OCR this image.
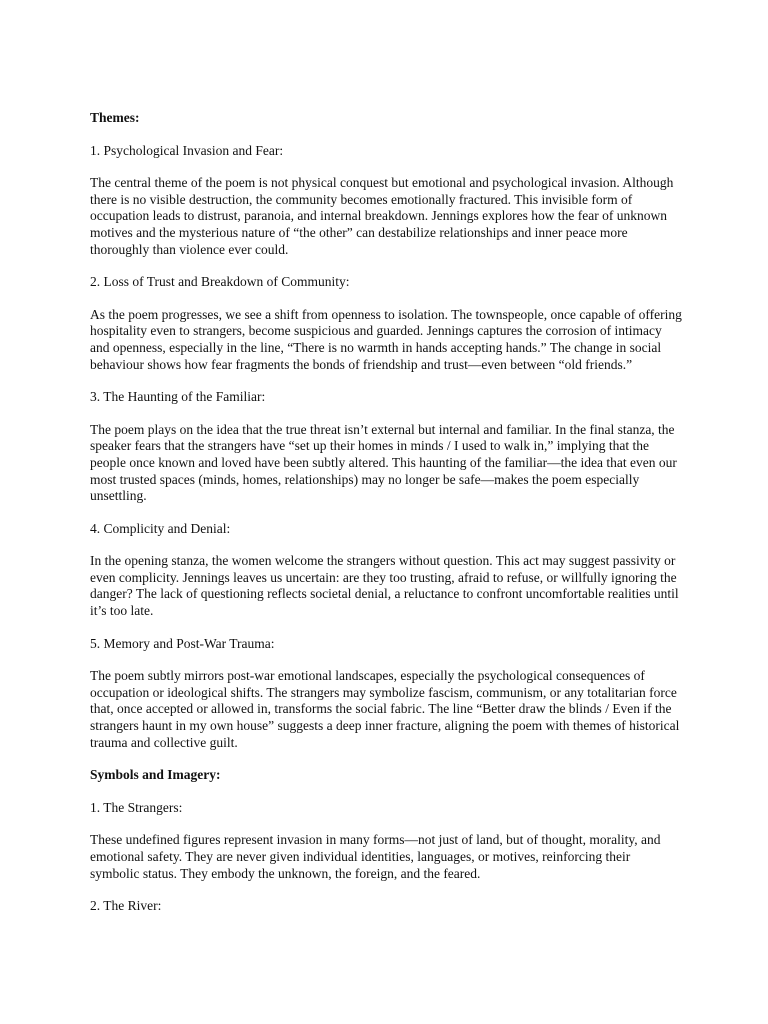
Themes:
1. Psychological Invasion and Fear:
The central theme of the poem is not physical conquest but emotional and psychological invasion. Although there is no visible destruction, the community becomes emotionally fractured. This invisible form of occupation leads to distrust, paranoia, and internal breakdown. Jennings explores how the fear of unknown motives and the mysterious nature of “the other” can destabilize relationships and inner peace more thoroughly than violence ever could.
2. Loss of Trust and Breakdown of Community:
As the poem progresses, we see a shift from openness to isolation. The townspeople, once capable of offering hospitality even to strangers, become suspicious and guarded. Jennings captures the corrosion of intimacy and openness, especially in the line, “There is no warmth in hands accepting hands.” The change in social behaviour shows how fear fragments the bonds of friendship and trust—even between “old friends.”
3. The Haunting of the Familiar:
The poem plays on the idea that the true threat isn’t external but internal and familiar. In the final stanza, the speaker fears that the strangers have “set up their homes in minds / I used to walk in,” implying that the people once known and loved have been subtly altered. This haunting of the familiar—the idea that even our most trusted spaces (minds, homes, relationships) may no longer be safe—makes the poem especially unsettling.
4. Complicity and Denial:
In the opening stanza, the women welcome the strangers without question. This act may suggest passivity or even complicity. Jennings leaves us uncertain: are they too trusting, afraid to refuse, or willfully ignoring the danger? The lack of questioning reflects societal denial, a reluctance to confront uncomfortable realities until it’s too late.
5. Memory and Post-War Trauma:
The poem subtly mirrors post-war emotional landscapes, especially the psychological consequences of occupation or ideological shifts. The strangers may symbolize fascism, communism, or any totalitarian force that, once accepted or allowed in, transforms the social fabric. The line “Better draw the blinds / Even if the strangers haunt in my own house” suggests a deep inner fracture, aligning the poem with themes of historical trauma and collective guilt.
Symbols and Imagery:
1. The Strangers:
These undefined figures represent invasion in many forms—not just of land, but of thought, morality, and emotional safety. They are never given individual identities, languages, or motives, reinforcing their symbolic status. They embody the unknown, the foreign, and the feared.
2. The River:
